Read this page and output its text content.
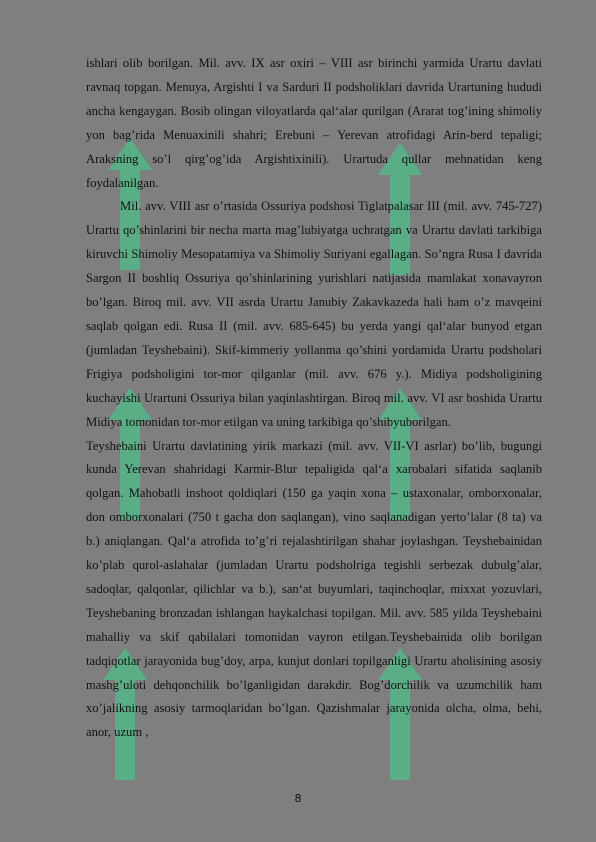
ishlari olib borilgan. Mil. avv. IX asr oxiri – VIII asr birinchi yarmida Urartu davlati ravnaq topgan. Menuya, Argishti I va Sarduri II podsholiklari davrida Urartuning hududi ancha kengaygan. Bosib olingan viloyatlarda qal‘alar qurilgan (Ararat tog’ining shimoliy yon bag’rida Menuaxinili shahri; Erebuni – Yerevan atrofidagi Arin-berd tepaligi; Araksning so’l qirg’og’ida Argishtixinili). Urartuda qullar mehnatidan keng foydalanilgan.

Mil. avv. VIII asr o’rtasida Ossuriya podshosi Tiglatpalasar III (mil. avv. 745-727) Urartu qo’shinlarini bir necha marta mag’lubiyatga uchratgan va Urartu davlati tarkibiga kiruvchi Shimoliy Mesopatamiya va Shimoliy Suriyani egallagan. So’ngra Rusa I davrida Sargon II boshliq Ossuriya qo’shinlarining yurishlari natijasida mamlakat xonavayron bo’lgan. Biroq mil. avv. VII asrda Urartu Janubiy Zakavkazeda hali ham o’z mavqeini saqlab qolgan edi. Rusa II (mil. avv. 685-645) bu yerda yangi qal‘alar bunyod etgan (jumladan Teyshebaini). Skif-kimmeriy yollanma qo’shini yordamida Urartu podsholari Frigiya podsholigini tor-mor qilganlar (mil. avv. 676 y.). Midiya podsholigining kuchayishi Urartuni Ossuriya bilan yaqinlashtirgan. Biroq mil. avv. VI asr boshida Urartu Midiya tomonidan tor-mor etilgan va uning tarkibiga qo’shibyuborilgan.

Teyshebaini Urartu davlatining yirik markazi (mil. avv. VII-VI asrlar) bo’lib, bugungi kunda Yerevan shahridagi Karmir-Blur tepaligida qal‘a xarobalari sifatida saqlanib qolgan. Mahobatli inshoot qoldiqlari (150 ga yaqin xona – ustaxonalar, omborxonalar, don omborxonalari (750 t gacha don saqlangan), vino saqlanadigan yerto’lalar (8 ta) va b.) aniqlangan. Qal‘a atrofida to’g’ri rejalashtirilgan shahar joylashgan. Teyshebainidan ko’plab qurol-aslahalar (jumladan Urartu podsholriga tegishli serbezak dubulg’alar, sadoqlar, qalqonlar, qilichlar va b.), san‘at buyumlari, taqinchoqlar, mixxat yozuvlari, Teyshebaning bronzadan ishlangan haykalchasi topilgan. Mil. avv. 585 yilda Teyshebaini mahalliy va skif qabilalari tomonidan vayron etilgan.Teyshebainida olib borilgan tadqiqotlar jarayonida bug’doy, arpa, kunjut donlari topilganligi Urartu aholisining asosiy mashg’uloti dehqonchilik bo’lganligidan darakdir. Bog’dorchilik va uzumchilik ham xo’jalikning asosiy tarmoqlaridan bo’lgan. Qazishmalar jarayonida olcha, olma, behi, anor, uzum ,

8
